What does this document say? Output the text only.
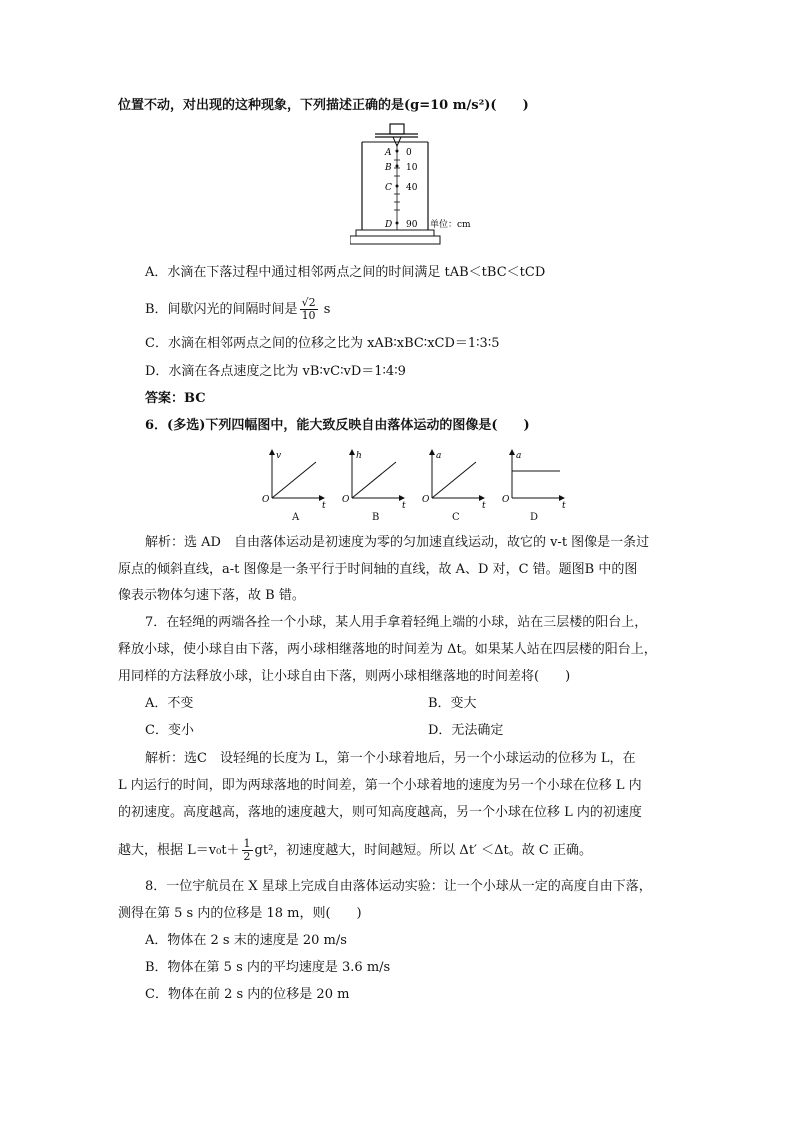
位置不动，对出现的这种现象，下列描述正确的是(g=10 m/s²)(　　)
A
B
C
D
0
10
40
90 单位：cm
A．水滴在下落过程中通过相邻两点之间的时间满足 tAB＜tBC＜tCD
B．间歇闪光的间隔时间是 $\frac{√2}{10}$ s
C．水滴在相邻两点之间的位移之比为 xAB∶xBC∶xCD＝1∶3∶5
D．水滴在各点速度之比为 vB∶vC∶vD＝1∶4∶9
答案：BC
6．(多选)下列四幅图中，能大致反映自由落体运动的图像是(　　)
v
t
O
h
t
O
a
t
O
a
t
O
A	B	C	D
解析：选 AD　自由落体运动是初速度为零的匀加速直线运动，故它的 v-t 图像是一条过
原点的倾斜直线，a-t 图像是一条平行于时间轴的直线，故 A、D 对，C 错。题图B 中的图
像表示物体匀速下落，故 B 错。
7．在轻绳的两端各拴一个小球，某人用手拿着轻绳上端的小球，站在三层楼的阳台上，
释放小球，使小球自由下落，两小球相继落地的时间差为 Δt。如果某人站在四层楼的阳台上，
用同样的方法释放小球，让小球自由下落，则两小球相继落地的时间差将(　　)
A．不变	B．变大
C．变小	D．无法确定
解析：选C　设轻绳的长度为 L，第一个小球着地后，另一个小球运动的位移为 L，在
L 内运行的时间，即为两球落地的时间差，第一个小球着地的速度为另一个小球在位移 L 内
的初速度。高度越高，落地的速度越大，则可知高度越高，另一个小球在位移 L 内的初速度
越大，根据 $L=v_0t+ \frac{1}{2} gt^2$，初速度越大，时间越短。所以 Δt′ ＜Δt。故 C 正确。
8．一位宇航员在 X 星球上完成自由落体运动实验：让一个小球从一定的高度自由下落，
测得在第 5 s 内的位移是 18 m，则(　　)
A．物体在 2 s 末的速度是 20 m/s
B．物体在第 5 s 内的平均速度是 3.6 m/s
C．物体在前 2 s 内的位移是 20 m
